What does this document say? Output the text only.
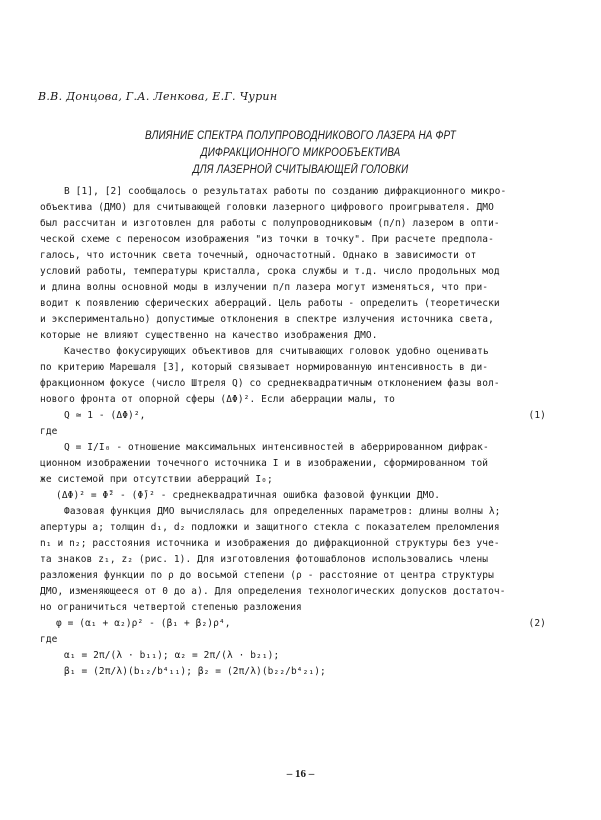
В.В. Донцова, Г.А. Ленкова, Е.Г. Чурин
ВЛИЯНИЕ СПЕКТРА ПОЛУПРОВОДНИКОВОГО ЛАЗЕРА НА ФРТ
ДИФРАКЦИОННОГО МИКРООБЪЕКТИВА
ДЛЯ ЛАЗЕРНОЙ СЧИТЫВАЮЩЕЙ ГОЛОВКИ
В [1], [2] сообщалось о результатах работы по созданию дифракционного микро-
объектива (ДМО) для считывающей головки лазерного цифрового проигрывателя. ДМО
был рассчитан и изготовлен для работы с полупроводниковым (п/п) лазером в опти-
ческой схеме с переносом изображения "из точки в точку". При расчете предпола-
галось, что источник света точечный, одночастотный. Однако в зависимости от
условий работы, температуры кристалла, срока службы и т.д. число продольных мод
и длина волны основной моды в излучении п/п лазера могут изменяться, что при-
водит к появлению сферических аберраций. Цель работы - определить (теоретически
и экспериментально) допустимые отклонения в спектре излучения источника света,
которые не влияют существенно на качество изображения ДМО.
Качество фокусирующих объективов для считывающих головок удобно оценивать
по критерию Марешаля [3], который связывает нормированную интенсивность в ди-
фракционном фокусе (число Штреля Q) со среднеквадратичным отклонением фазы вол-
нового фронта от опорной сферы (ΔΦ)². Если аберрации малы, то
Q ≃ 1 - (ΔΦ)²,	(1)
где
Q = I/I₀ - отношение максимальных интенсивностей в аберрированном дифрак-
ционном изображении точечного источника I и в изображении, сформированном той
же системой при отсутствии аберраций I₀;
(ΔΦ)² = Φ̄² - (Φ̄)² - среднеквадратичная ошибка фазовой функции ДМО.
Фазовая функция ДМО вычислялась для определенных параметров: длины волны λ;
апертуры a; толщин d₁, d₂ подложки и защитного стекла с показателем преломления
n₁ и n₂; расстояния источника и изображения до дифракционной структуры без уче-
та знаков z₁, z₂ (рис. 1). Для изготовления фотошаблонов использовались члены
разложения функции по ρ до восьмой степени (ρ - расстояние от центра структуры
ДМО, изменяющееся от 0 до a). Для определения технологических допусков достаточ-
но ограничиться четвертой степенью разложения
φ = (α₁ + α₂)ρ² - (β₁ + β₂)ρ⁴,	(2)
где
α₁ = 2π/(λ · b₁₁); α₂ = 2π/(λ · b₂₁);
β₁ = (2π/λ)(b₁₂/b⁴₁₁); β₂ = (2π/λ)(b₂₂/b⁴₂₁);
– 16 –
